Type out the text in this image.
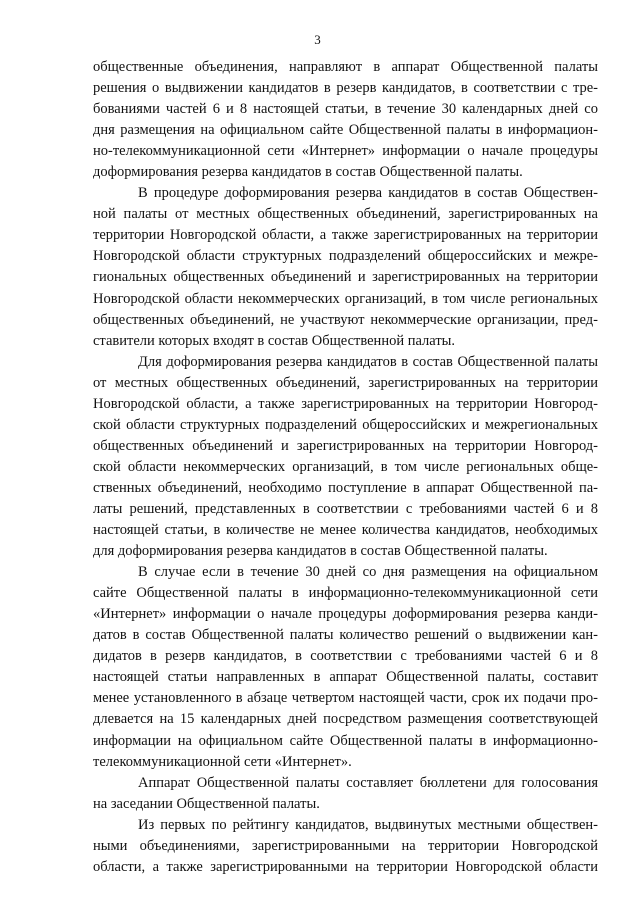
3
общественные объединения, направляют в аппарат Общественной палаты
решения о выдвижении кандидатов в резерв кандидатов, в соответствии с тре-
бованиями частей 6 и 8 настоящей статьи, в течение 30 календарных дней со
дня размещения на официальном сайте Общественной палаты в информацион-
но-телекоммуникационной сети «Интернет» информации о начале процедуры
доформирования резерва кандидатов в состав Общественной палаты.
В процедуре доформирования резерва кандидатов в состав Обществен-
ной палаты от местных общественных объединений, зарегистрированных на
территории Новгородской области, а также зарегистрированных на территории
Новгородской области структурных подразделений общероссийских и межре-
гиональных общественных объединений и зарегистрированных на территории
Новгородской области некоммерческих организаций, в том числе региональных
общественных объединений, не участвуют некоммерческие организации, пред-
ставители которых входят в состав Общественной палаты.
Для доформирования резерва кандидатов в состав Общественной палаты
от местных общественных объединений, зарегистрированных на территории
Новгородской области, а также зарегистрированных на территории Новгород-
ской области структурных подразделений общероссийских и межрегиональных
общественных объединений и зарегистрированных на территории Новгород-
ской области некоммерческих организаций, в том числе региональных обще-
ственных объединений, необходимо поступление в аппарат Общественной па-
латы решений, представленных в соответствии с требованиями частей 6 и 8
настоящей статьи, в количестве не менее количества кандидатов, необходимых
для доформирования резерва кандидатов в состав Общественной палаты.
В случае если в течение 30 дней со дня размещения на официальном
сайте Общественной палаты в информационно-телекоммуникационной сети
«Интернет» информации о начале процедуры доформирования резерва канди-
датов в состав Общественной палаты количество решений о выдвижении кан-
дидатов в резерв кандидатов, в соответствии с требованиями частей 6 и 8
настоящей статьи направленных в аппарат Общественной палаты, составит
менее установленного в абзаце четвертом настоящей части, срок их подачи про-
длевается на 15 календарных дней посредством размещения соответствующей
информации на официальном сайте Общественной палаты в информационно-
телекоммуникационной сети «Интернет».
Аппарат Общественной палаты составляет бюллетени для голосования
на заседании Общественной палаты.
Из первых по рейтингу кандидатов, выдвинутых местными обществен-
ными объединениями, зарегистрированными на территории Новгородской
области, а также зарегистрированными на территории Новгородской области
